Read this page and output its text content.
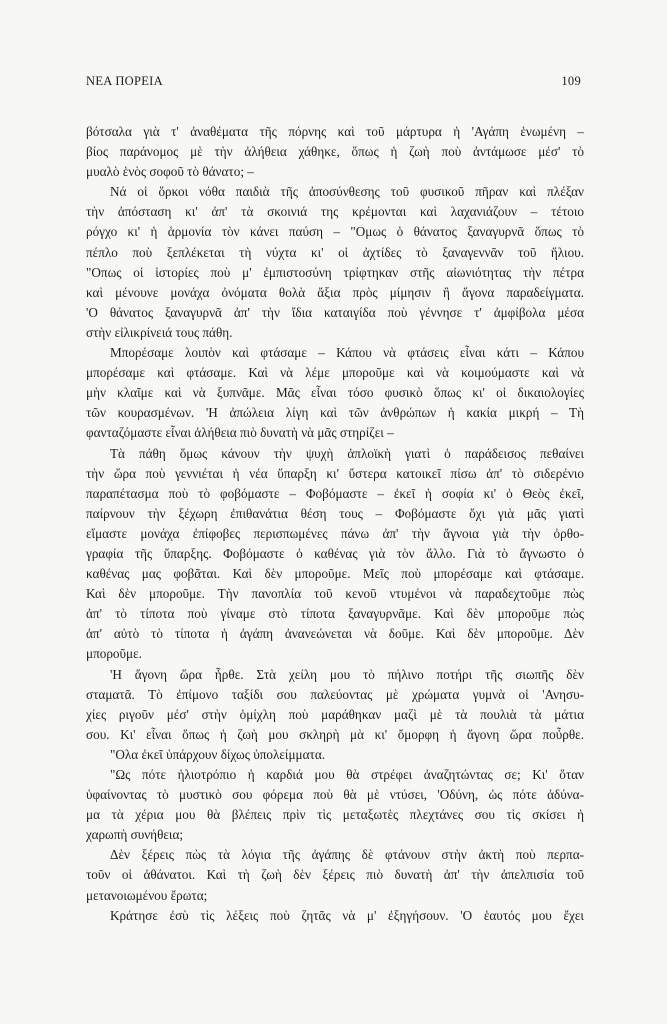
ΝΕΑ ΠΟΡΕΙΑ	109
βότσαλα γιὰ τ' ἀναθέματα τῆς πόρνης καὶ τοῦ μάρτυρα ἡ 'Αγάπη ἑνωμένη –
βίος παράνομος μὲ τὴν ἀλήθεια χάθηκε, ὅπως ἡ ζωὴ ποὺ ἀντάμωσε μέσ' τὸ
μυαλὸ ἑνὸς σοφοῦ τὸ θάνατο; –
Νά οἱ ὅρκοι νόθα παιδιὰ τῆς ἀποσύνθεσης τοῦ φυσικοῦ πῆραν καὶ πλέξαν
τὴν ἀπόσταση κι' ἀπ' τὰ σκοινιά της κρέμονται καὶ λαχανιάζουν – τέτοιο
ρόγχο κι' ἡ ἁρμονία τὸν κάνει παύση – "Ομως ὁ θάνατος ξαναγυρνᾶ ὅπως τὸ
πέπλο ποὺ ξεπλέκεται τὴ νύχτα κι' οἱ ἀχτίδες τὸ ξαναγεννᾶν τοῦ ἥλιου.
"Οπως οἱ ἱστορίες ποὺ μ' ἐμπιστοσύνη τρίφτηκαν στῆς αἰωνιότητας τὴν πέτρα
καὶ μένουνε μονάχα ὀνόματα θολὰ ἄξια πρὸς μίμησιν ἢ ἄγονα παραδείγματα.
'Ο θάνατος ξαναγυρνᾶ ἀπ' τὴν ἴδια καταιγίδα ποὺ γέννησε τ' ἀμφίβολα μέσα
στὴν εἰλικρίνειά τους πάθη.
Μπορέσαμε λοιπὸν καὶ φτάσαμε – Κάπου νὰ φτάσεις εἶναι κάτι – Κάπου
μπορέσαμε καὶ φτάσαμε. Καὶ νὰ λέμε μποροῦμε καὶ νὰ κοιμούμαστε καὶ νὰ
μὴν κλαῖμε καὶ νὰ ξυπνᾶμε. Μᾶς εἶναι τόσο φυσικὸ ὅπως κι' οἱ δικαιολογίες
τῶν κουρασμένων. 'Η ἀπώλεια λίγη καὶ τῶν ἀνθρώπων ἡ κακία μικρή – Τὴ
φανταζόμαστε εἶναι ἀλήθεια πιὸ δυνατὴ νὰ μᾶς στηρίζει –
Τὰ πάθη ὅμως κάνουν τὴν ψυχὴ ἁπλοϊκὴ γιατὶ ὁ παράδεισος πεθαίνει
τὴν ὥρα ποὺ γεννιέται ἡ νέα ὕπαρξη κι' ὕστερα κατοικεῖ πίσω ἀπ' τὸ σιδερένιο
παραπέτασμα ποὺ τὸ φοβόμαστε – Φοβόμαστε – ἐκεῖ ἡ σοφία κι' ὁ Θεὸς ἐκεῖ,
παίρνουν τὴν ξέχωρη ἐπιθανάτια θέση τους – Φοβόμαστε ὄχι γιὰ μᾶς γιατὶ
εἴμαστε μονάχα ἐπίφοβες περισπωμένες πάνω ἀπ' τὴν ἄγνοια γιὰ τὴν ὀρθο-
γραφία τῆς ὕπαρξης. Φοβόμαστε ὁ καθένας γιὰ τὸν ἄλλο. Γιὰ τὸ ἄγνωστο ὁ
καθένας μας φοβᾶται. Καὶ δὲν μποροῦμε. Μεῖς ποὺ μπορέσαμε καὶ φτάσαμε.
Καὶ δὲν μποροῦμε. Τὴν πανοπλία τοῦ κενοῦ ντυμένοι νὰ παραδεχτοῦμε πὼς
ἀπ' τὸ τίποτα ποὺ γίναμε στὸ τίποτα ξαναγυρνᾶμε. Καὶ δὲν μποροῦμε πὼς
ἀπ' αὐτὸ τὸ τίποτα ἡ ἀγάπη ἀνανεώνεται νὰ δοῦμε. Καὶ δὲν μποροῦμε. Δὲν
μποροῦμε.
'Η ἄγονη ὥρα ἦρθε. Στὰ χείλη μου τὸ πήλινο ποτήρι τῆς σιωπῆς δὲν
σταματᾶ. Τὸ ἐπίμονο ταξίδι σου παλεύοντας μὲ χρώματα γυμνὰ οἱ 'Ανησυ-
χίες ριγοῦν μέσ' στὴν ὁμίχλη ποὺ μαράθηκαν μαζὶ μὲ τὰ πουλιὰ τὰ μάτια
σου. Κι' εἶναι ὅπως ἡ ζωὴ μου σκληρὴ μὰ κι' ὄμορφη ἡ ἄγονη ὥρα ποὖρθε.
"Ολα ἐκεῖ ὑπάρχουν δίχως ὑπολείμματα.
"Ως πότε ἡλιοτρόπιο ἡ καρδιά μου θὰ στρέφει ἀναζητώντας σε; Κι' ὅταν
ὑφαίνοντας τὸ μυστικὸ σου φόρεμα ποὺ θὰ μὲ ντύσει, 'Οδύνη, ὡς πότε ἀδύνα-
μα τὰ χέρια μου θὰ βλέπεις πρὶν τὶς μεταξωτὲς πλεχτάνες σου τὶς σκίσει ἡ
χαρωπὴ συνήθεια;
Δὲν ξέρεις πὼς τὰ λόγια τῆς ἀγάπης δὲ φτάνουν στὴν ἀκτὴ ποὺ περπα-
τοῦν οἱ ἀθάνατοι. Καὶ τὴ ζωὴ δὲν ξέρεις πιὸ δυνατὴ ἀπ' τὴν ἀπελπισία τοῦ
μετανοιωμένου ἔρωτα;
Κράτησε ἐσὺ τὶς λέξεις ποὺ ζητᾶς νὰ μ' ἐξηγήσουν. 'Ο ἑαυτός μου ἔχει
